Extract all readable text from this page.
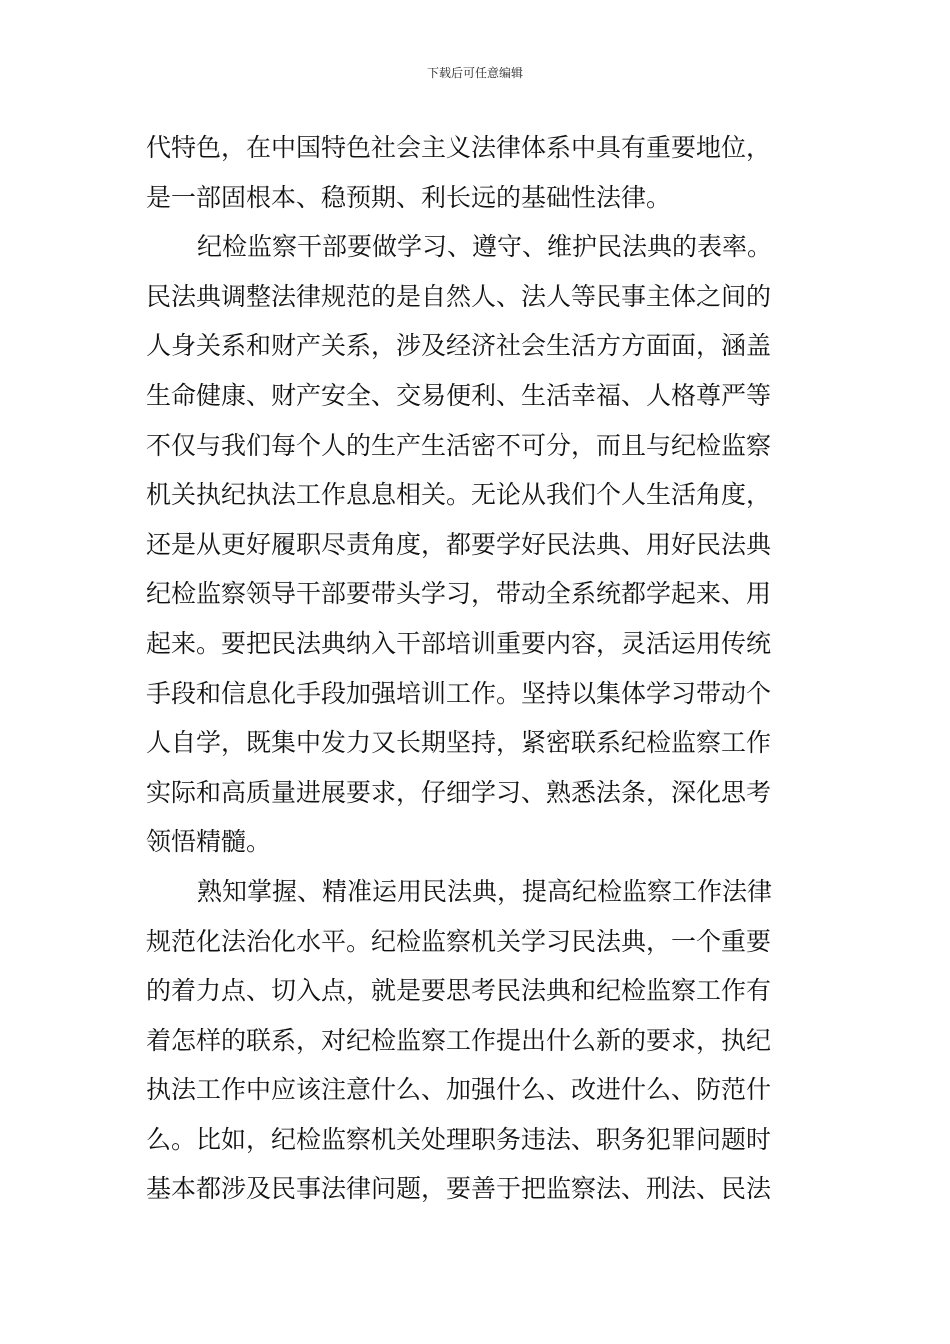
下载后可任意编辑
代特色，在中国特色社会主义法律体系中具有重要地位，
是一部固根本、稳预期、利长远的基础性法律。
纪检监察干部要做学习、遵守、维护民法典的表率。
民法典调整法律规范的是自然人、法人等民事主体之间的
人身关系和财产关系，涉及经济社会生活方方面面，涵盖
生命健康、财产安全、交易便利、生活幸福、人格尊严等
不仅与我们每个人的生产生活密不可分，而且与纪检监察
机关执纪执法工作息息相关。无论从我们个人生活角度，
还是从更好履职尽责角度，都要学好民法典、用好民法典
纪检监察领导干部要带头学习，带动全系统都学起来、用
起来。要把民法典纳入干部培训重要内容，灵活运用传统
手段和信息化手段加强培训工作。坚持以集体学习带动个
人自学，既集中发力又长期坚持，紧密联系纪检监察工作
实际和高质量进展要求，仔细学习、熟悉法条，深化思考
领悟精髓。
熟知掌握、精准运用民法典，提高纪检监察工作法律
规范化法治化水平。纪检监察机关学习民法典，一个重要
的着力点、切入点，就是要思考民法典和纪检监察工作有
着怎样的联系，对纪检监察工作提出什么新的要求，执纪
执法工作中应该注意什么、加强什么、改进什么、防范什
么。比如，纪检监察机关处理职务违法、职务犯罪问题时
基本都涉及民事法律问题，要善于把监察法、刑法、民法
